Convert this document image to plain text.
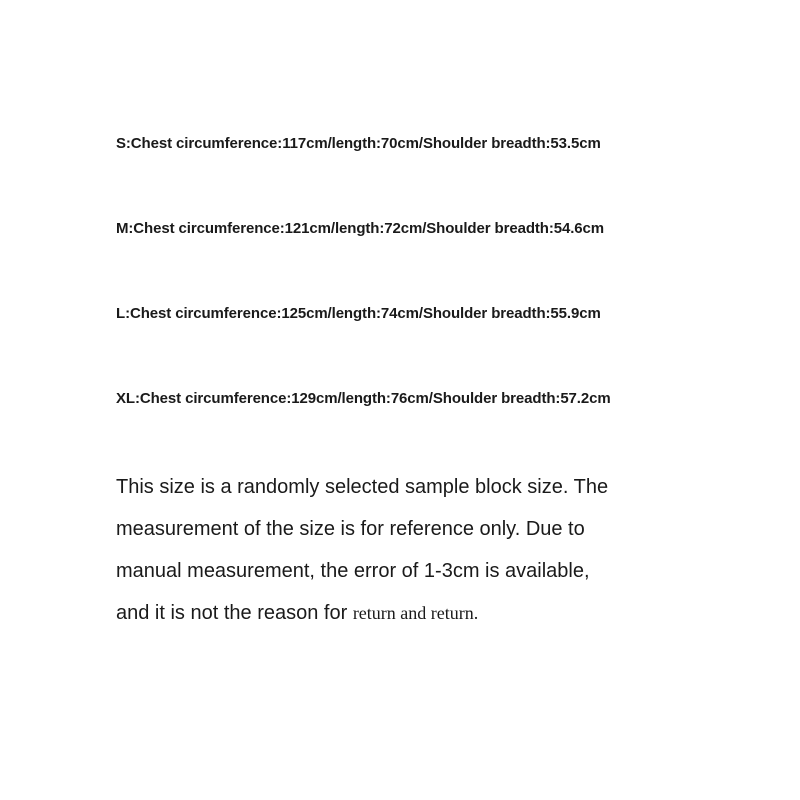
S:Chest circumference:117cm/length:70cm/Shoulder breadth:53.5cm
M:Chest circumference:121cm/length:72cm/Shoulder breadth:54.6cm
L:Chest circumference:125cm/length:74cm/Shoulder breadth:55.9cm
XL:Chest circumference:129cm/length:76cm/Shoulder breadth:57.2cm
This size is a randomly selected sample block size. The
measurement of the size is for reference only. Due to
manual measurement, the error of 1-3cm is available,
and it is not the reason for return and return.
